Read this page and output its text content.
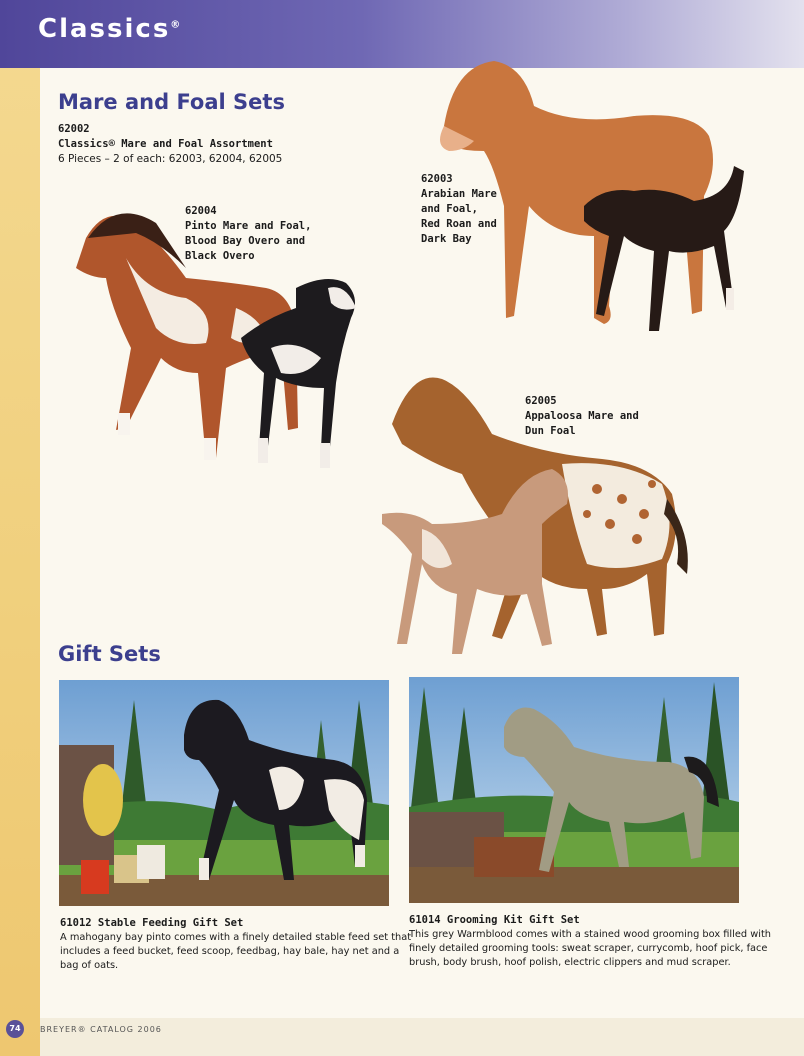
Classics®
Mare and Foal Sets
62002
Classics® Mare and Foal Assortment
6 Pieces – 2 of each: 62003, 62004, 62005
62004
Pinto Mare and Foal,
Blood Bay Overo and
Black Overo
62003
Arabian Mare
and Foal,
Red Roan and
Dark Bay
62005
Appaloosa Mare and
Dun Foal
Gift Sets
61012 Stable Feeding Gift Set
A mahogany bay pinto comes with a finely detailed stable feed set that
includes a feed bucket, feed scoop, feedbag, hay bale, hay net and a
bag of oats.
61014 Grooming Kit Gift Set
This grey Warmblood comes with a stained wood grooming box filled with
finely detailed grooming tools: sweat scraper, currycomb, hoof pick, face
brush, body brush, hoof polish, electric clippers and mud scraper.
74	BREYER® CATALOG 2006
